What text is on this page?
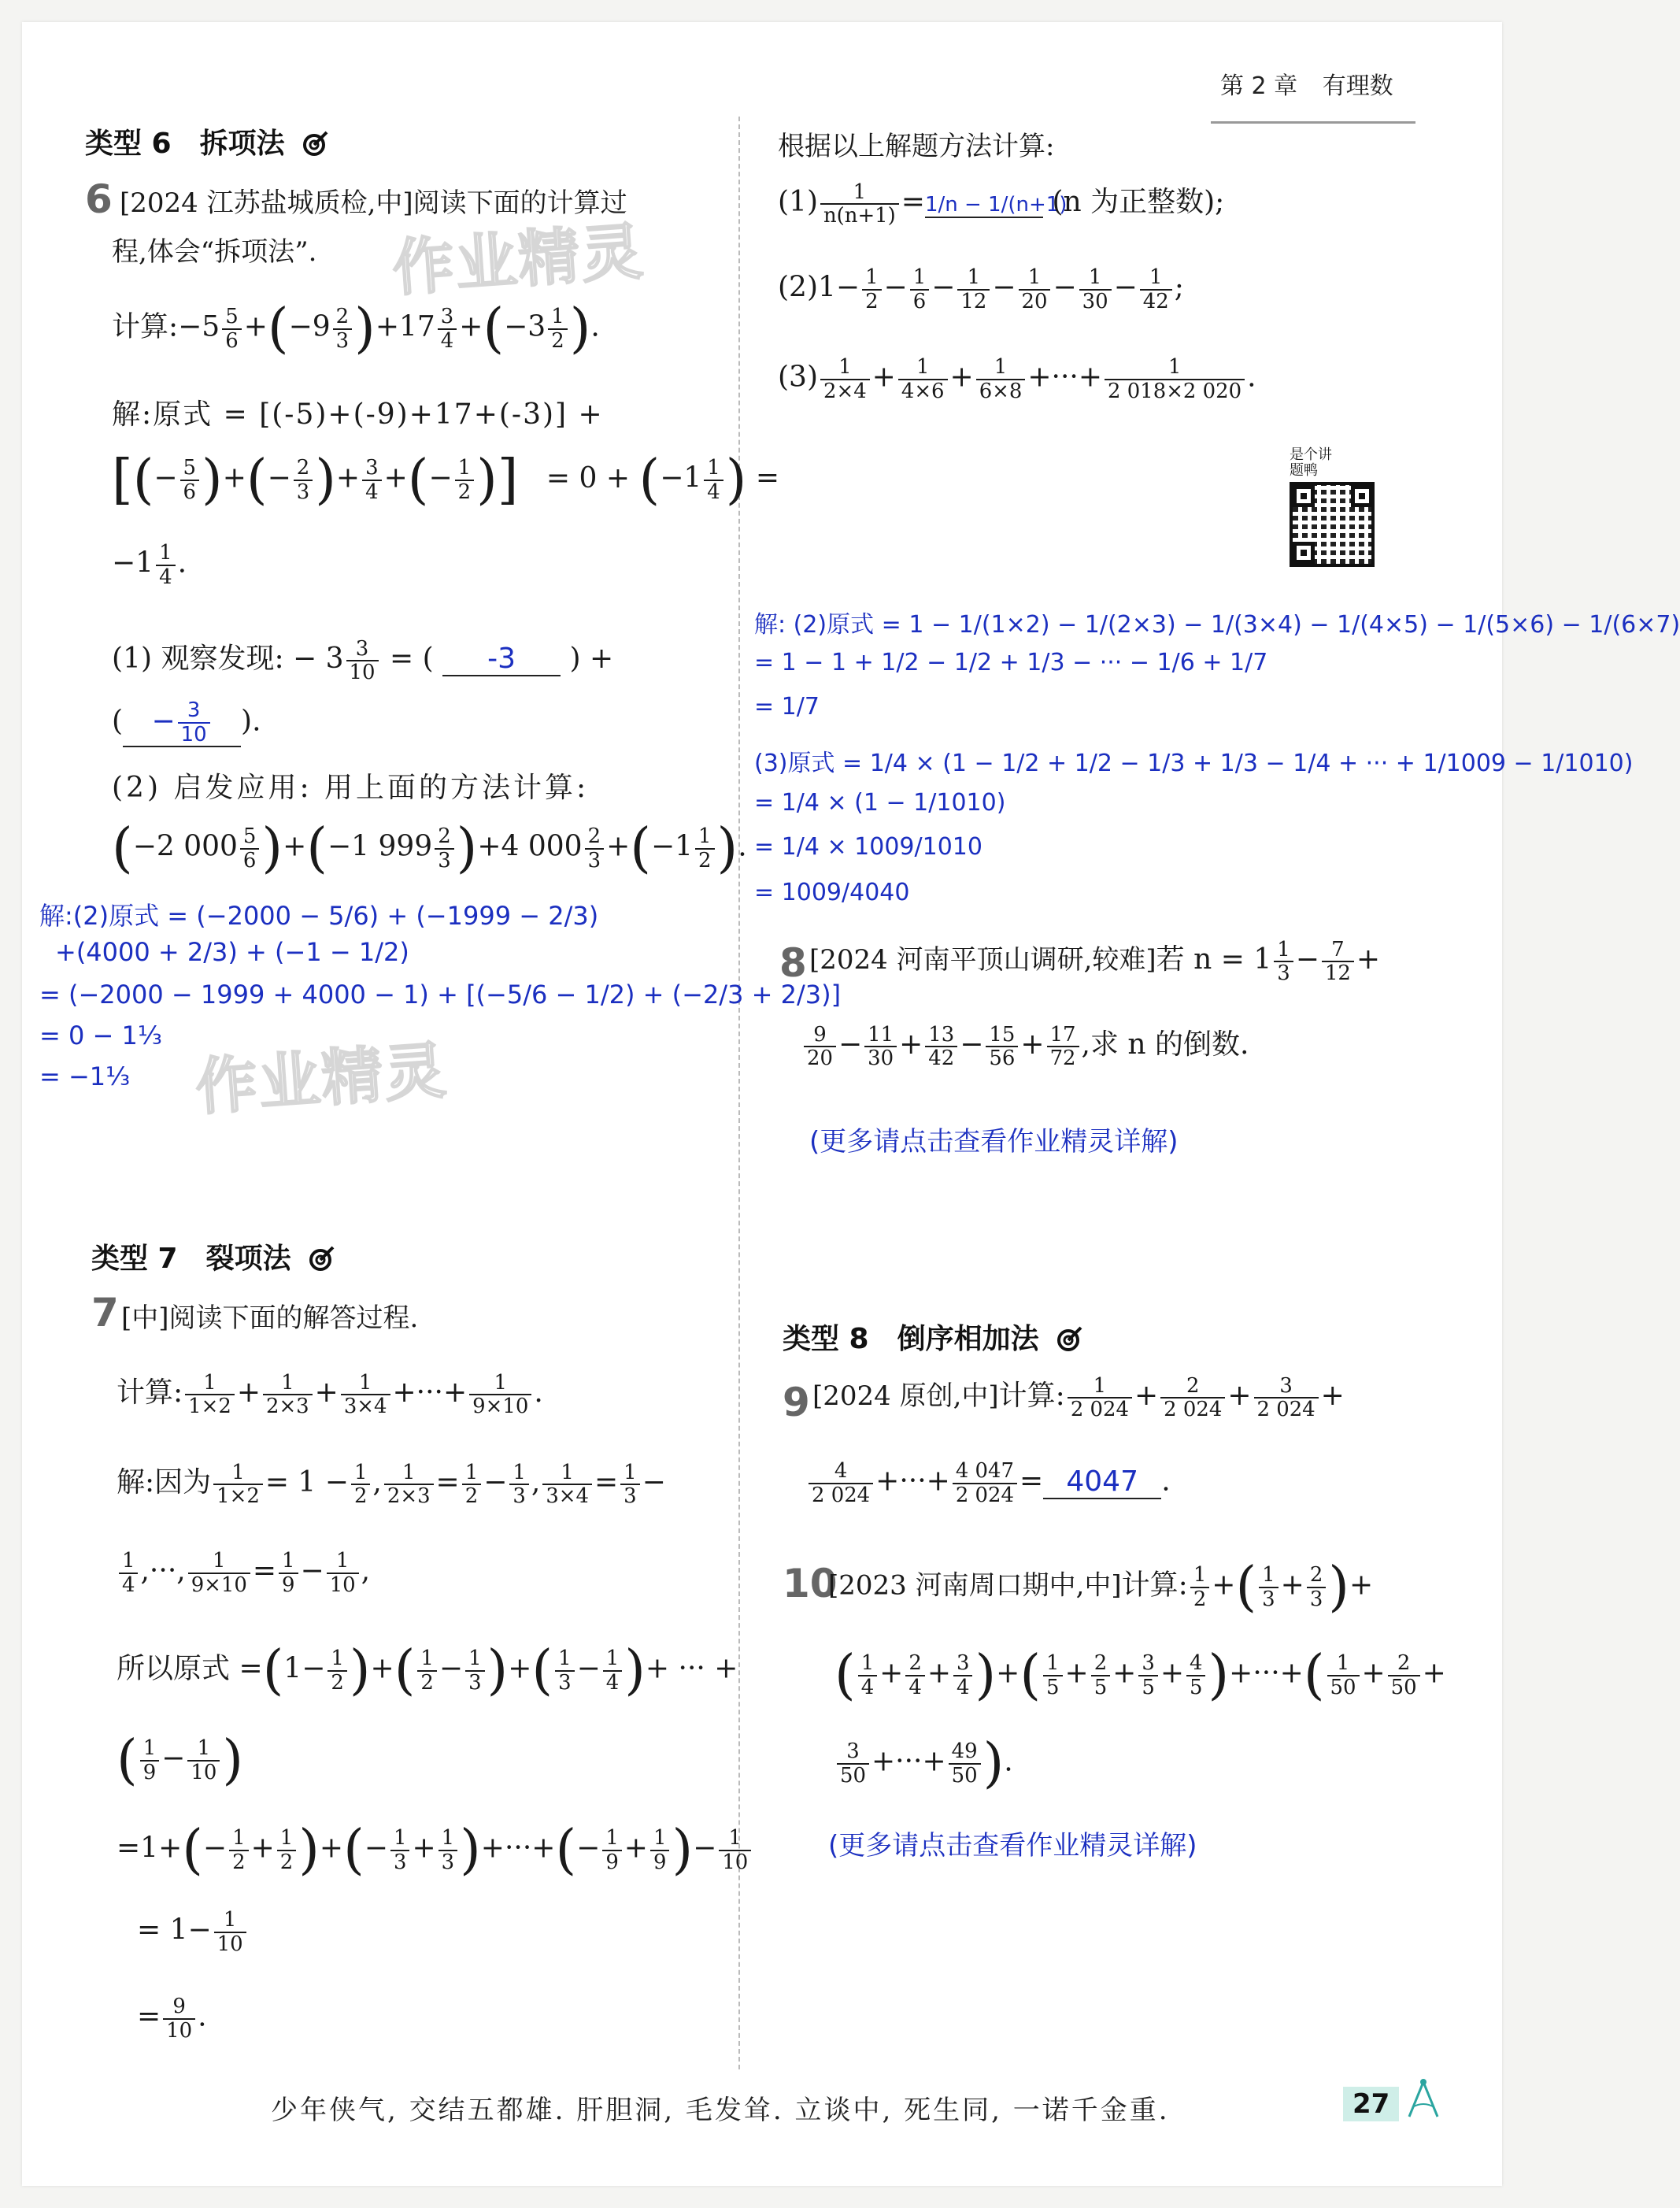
第 2 章 有理数
类型 6　拆项法
6 [2024 江苏盐城质检,中]阅读下面的计算过
程,体会“拆项法”. 作业精灵
计算:−5 $\frac{5}{6} +(-9 \frac{2}{3} )+17 \frac{3}{4} +(-3 \frac{1}{2}$ ).
解:原式 = [(-5)+(-9)+17+(-3)] +
[(− $\frac{5}{6}$ )+(− $\frac{2}{3}$ )+ $\frac{3}{4}$ +(− $\frac{1}{2}$ )] = $0 + (-1 \frac{1}{4}$ ) =
$-1 \frac{1}{4}$ .
(1) 观察发现: − $3 \frac{3}{10}$ = ( -3 ) +
( − $\frac{3}{10}$ ).
(2) 启发应用: 用上面的方法计算:
(−2 $000 \frac{5}{6} )+(-1$ $999 \frac{2}{3} )+4$ $000 \frac{2}{3} +(-1 \frac{1}{2}$ ).
解:(2)原式 = (−2000 − 5/6) + (−1999 − 2/3)
+(4000 + 2/3) + (−1 − 1/2)
= (−2000 − 1999 + 4000 − 1) + [(−5/6 − 1/2) + (−2/3 + 2/3)]
= 0 − 1⅓
= −1⅓ 作业精灵
类型 7　裂项法
7 [中]阅读下面的解答过程.
计算: $\frac{1}{1\times 2} + \frac{1}{2\times 3} + \frac{1}{3\times 4}$ +···+ $\frac{1}{9\times 10}$ .
解:因为 $\frac{1}{1\times 2} = 1 - \frac{1}{2}$ , $\frac{1}{2\times 3} = \frac{1}{2} - \frac{1}{3}$ , $\frac{1}{3\times 4} = \frac{1}{3}$ −
$\frac{1}{4}$ ,···, $\frac{1}{9\times 10} = \frac{1}{9} - \frac{1}{10}$ ,
所以原式 $=(1- \frac{1}{2}$ )+( $\frac{1}{2} - \frac{1}{3}$ )+( $\frac{1}{3} - \frac{1}{4}$ )+ ··· +
( $\frac{1}{9} - \frac{1}{10}$ )
$=1+(- \frac{1}{2} + \frac{1}{2}$ )+(− $\frac{1}{3} + \frac{1}{3}$ )+···+(− $\frac{1}{9} + \frac{1}{9}$ )− $\frac{1}{10}$
= $1- \frac{1}{10}$
= $\frac{9}{10}$ .
根据以上解题方法计算:
$(1) \frac{1}{n(n+1)} =1/n - 1/(n+1)$ (n 为正整数);
$(2)1- \frac{1}{2} - \frac{1}{6} - \frac{1}{12} - \frac{1}{20} - \frac{1}{30} - \frac{1}{42}$ ;
$(3) \frac{1}{2\times 4} + \frac{1}{4\times 6} + \frac{1}{6\times 8}$ +···+ $\frac{1}{2 018\times 2 020}$ .
是个讲题鸭
解: (2)原式 = 1 − 1/(1×2) − 1/(2×3) − 1/(3×4) − 1/(4×5) − 1/(5×6) − 1/(6×7)
= 1 − 1 + 1/2 − 1/2 + 1/3 − ··· − 1/6 + 1/7
= 1/7
(3)原式 = 1/4 × (1 − 1/2 + 1/2 − 1/3 + 1/3 − 1/4 + ··· + 1/1009 − 1/1010)
= 1/4 × (1 − 1/1010)
= 1/4 × 1009/1010
= 1009/4040
8 [2024 河南平顶山调研,较难]若 $n = 1 \frac{1}{3} - \frac{7}{12}$ +
$\frac{9}{20} - \frac{11}{30} + \frac{13}{42} - \frac{15}{56} + \frac{17}{72}$ ,求 n 的倒数.
(更多请点击查看作业精灵详解)
类型 8　倒序相加法
9 [2024 原创,中]计算: $\frac{1}{2 024} + \frac{2}{2 024} + \frac{3}{2 024}$ +
$\frac{4}{2 024}$ +···+ $\frac{4 047}{2 024} = 4047$ .
10
[2023 河南周口期中,中]计算: $\frac{1}{2}$ +( $\frac{1}{3} + \frac{2}{3}$ )+
( $\frac{1}{4} + \frac{2}{4} + \frac{3}{4}$ )+( $\frac{1}{5} + \frac{2}{5} + \frac{3}{5} + \frac{4}{5}$ )+···+( $\frac{1}{50} + \frac{2}{50}$ +
$\frac{3}{50}$ +···+ $\frac{49}{50}$ ).
(更多请点击查看作业精灵详解)
少年侠气, 交结五都雄. 肝胆洞, 毛发耸. 立谈中, 死生同, 一诺千金重.	27
